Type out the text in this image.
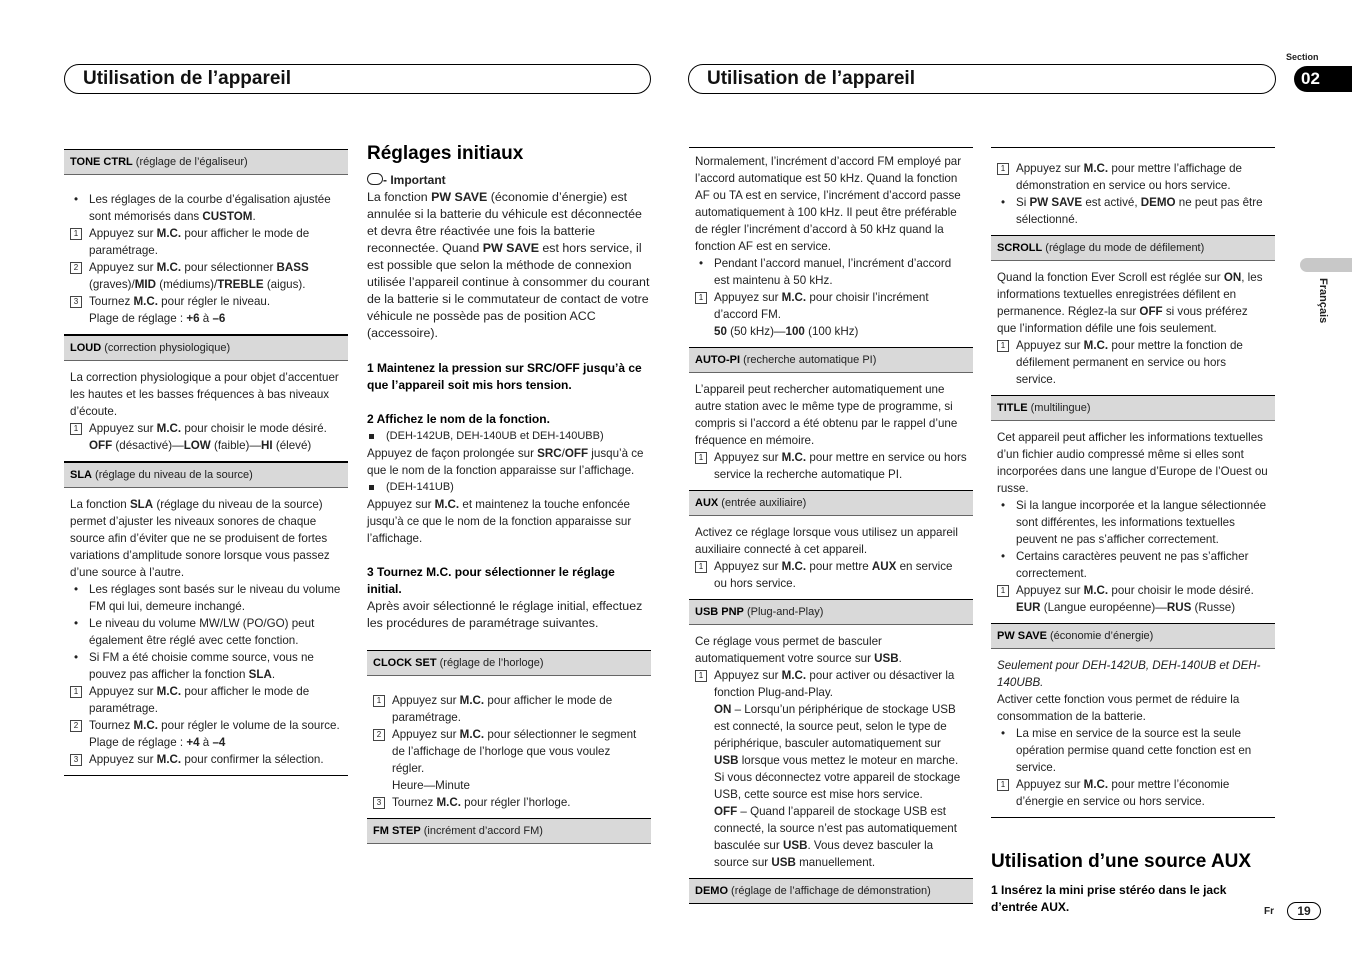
Section
02
Utilisation de l’appareil	Utilisation de l’appareil
Français
TONE CTRL (réglage de l’égaliseur)
• Les réglages de la courbe d’égalisation ajustée sont mémorisés dans CUSTOM.
1 Appuyez sur M.C. pour afficher le mode de paramétrage.
2 Appuyez sur M.C. pour sélectionner BASS (graves)/MID (médiums)/TREBLE (aigus).
3 Tournez M.C. pour régler le niveau.
Plage de réglage : +6 à –6
LOUD (correction physiologique)
La correction physiologique a pour objet d’accentuer les hautes et les basses fréquences à bas niveaux d’écoute.
1 Appuyez sur M.C. pour choisir le mode désiré.
OFF (désactivé)—LOW (faible)—HI (élevé)
SLA (réglage du niveau de la source)
La fonction SLA (réglage du niveau de la source) permet d’ajuster les niveaux sonores de chaque source afin d’éviter que ne se produisent de fortes variations d’amplitude sonore lorsque vous passez d’une source à l’autre.
• Les réglages sont basés sur le niveau du volume FM qui lui, demeure inchangé.
• Le niveau du volume MW/LW (PO/GO) peut également être réglé avec cette fonction.
• Si FM a été choisie comme source, vous ne pouvez pas afficher la fonction SLA.
1 Appuyez sur M.C. pour afficher le mode de paramétrage.
2 Tournez M.C. pour régler le volume de la source.
Plage de réglage : +4 à –4
3 Appuyez sur M.C. pour confirmer la sélection.
Réglages initiaux
- Important
La fonction PW SAVE (économie d’énergie) est annulée si la batterie du véhicule est déconnectée et devra être réactivée une fois la batterie reconnectée. Quand PW SAVE est hors service, il est possible que selon la méthode de connexion utilisée l’appareil continue à consommer du courant de la batterie si le commutateur de contact de votre véhicule ne possède pas de position ACC (accessoire).
1 Maintenez la pression sur SRC/OFF jusqu’à ce que l’appareil soit mis hors tension.
2 Affichez le nom de la fonction.
(DEH-142UB, DEH-140UB et DEH-140UBB)
Appuyez de façon prolongée sur SRC/OFF jusqu’à ce que le nom de la fonction apparaisse sur l’affichage.
(DEH-141UB)
Appuyez sur M.C. et maintenez la touche enfoncée jusqu’à ce que le nom de la fonction apparaisse sur l’affichage.
3 Tournez M.C. pour sélectionner le réglage initial.
Après avoir sélectionné le réglage initial, effectuez les procédures de paramétrage suivantes.
CLOCK SET (réglage de l’horloge)
1 Appuyez sur M.C. pour afficher le mode de paramétrage.
2 Appuyez sur M.C. pour sélectionner le segment de l’affichage de l’horloge que vous voulez régler.
Heure—Minute
3 Tournez M.C. pour régler l’horloge.
FM STEP (incrément d’accord FM)
Normalement, l’incrément d’accord FM employé par l’accord automatique est 50 kHz. Quand la fonction AF ou TA est en service, l’incrément d’accord passe automatiquement à 100 kHz. Il peut être préférable de régler l’incrément d’accord à 50 kHz quand la fonction AF est en service.
• Pendant l’accord manuel, l’incrément d’accord est maintenu à 50 kHz.
1 Appuyez sur M.C. pour choisir l’incrément d’accord FM.
50 (50 kHz)—100 (100 kHz)
AUTO-PI (recherche automatique PI)
L’appareil peut rechercher automatiquement une autre station avec le même type de programme, si compris si l’accord a été obtenu par le rappel d’une fréquence en mémoire.
1 Appuyez sur M.C. pour mettre en service ou hors service la recherche automatique PI.
AUX (entrée auxiliaire)
Activez ce réglage lorsque vous utilisez un appareil auxiliaire connecté à cet appareil.
1 Appuyez sur M.C. pour mettre AUX en service ou hors service.
USB PNP (Plug-and-Play)
Ce réglage vous permet de basculer automatiquement votre source sur USB.
1 Appuyez sur M.C. pour activer ou désactiver la fonction Plug-and-Play.
ON – Lorsqu’un périphérique de stockage USB est connecté, la source peut, selon le type de périphérique, basculer automatiquement sur USB lorsque vous mettez le moteur en marche. Si vous déconnectez votre appareil de stockage USB, cette source est mise hors service.
OFF – Quand l’appareil de stockage USB est connecté, la source n’est pas automatiquement basculée sur USB. Vous devez basculer la source sur USB manuellement.
DEMO (réglage de l’affichage de démonstration)
1 Appuyez sur M.C. pour mettre l’affichage de démonstration en service ou hors service.
• Si PW SAVE est activé, DEMO ne peut pas être sélectionné.
SCROLL (réglage du mode de défilement)
Quand la fonction Ever Scroll est réglée sur ON, les informations textuelles enregistrées défilent en permanence. Réglez-la sur OFF si vous préférez que l’information défile une fois seulement.
1 Appuyez sur M.C. pour mettre la fonction de défilement permanent en service ou hors service.
TITLE (multilingue)
Cet appareil peut afficher les informations textuelles d’un fichier audio compressé même si elles sont incorporées dans une langue d’Europe de l’Ouest ou russe.
• Si la langue incorporée et la langue sélectionnée sont différentes, les informations textuelles peuvent ne pas s’afficher correctement.
• Certains caractères peuvent ne pas s’afficher correctement.
1 Appuyez sur M.C. pour choisir le mode désiré.
EUR (Langue européenne)—RUS (Russe)
PW SAVE (économie d’énergie)
Seulement pour DEH-142UB, DEH-140UB et DEH-140UBB.
Activer cette fonction vous permet de réduire la consommation de la batterie.
• La mise en service de la source est la seule opération permise quand cette fonction est en service.
1 Appuyez sur M.C. pour mettre l’économie d’énergie en service ou hors service.
Utilisation d’une source AUX
1 Insérez la mini prise stéréo dans le jack d’entrée AUX.	Fr	19
